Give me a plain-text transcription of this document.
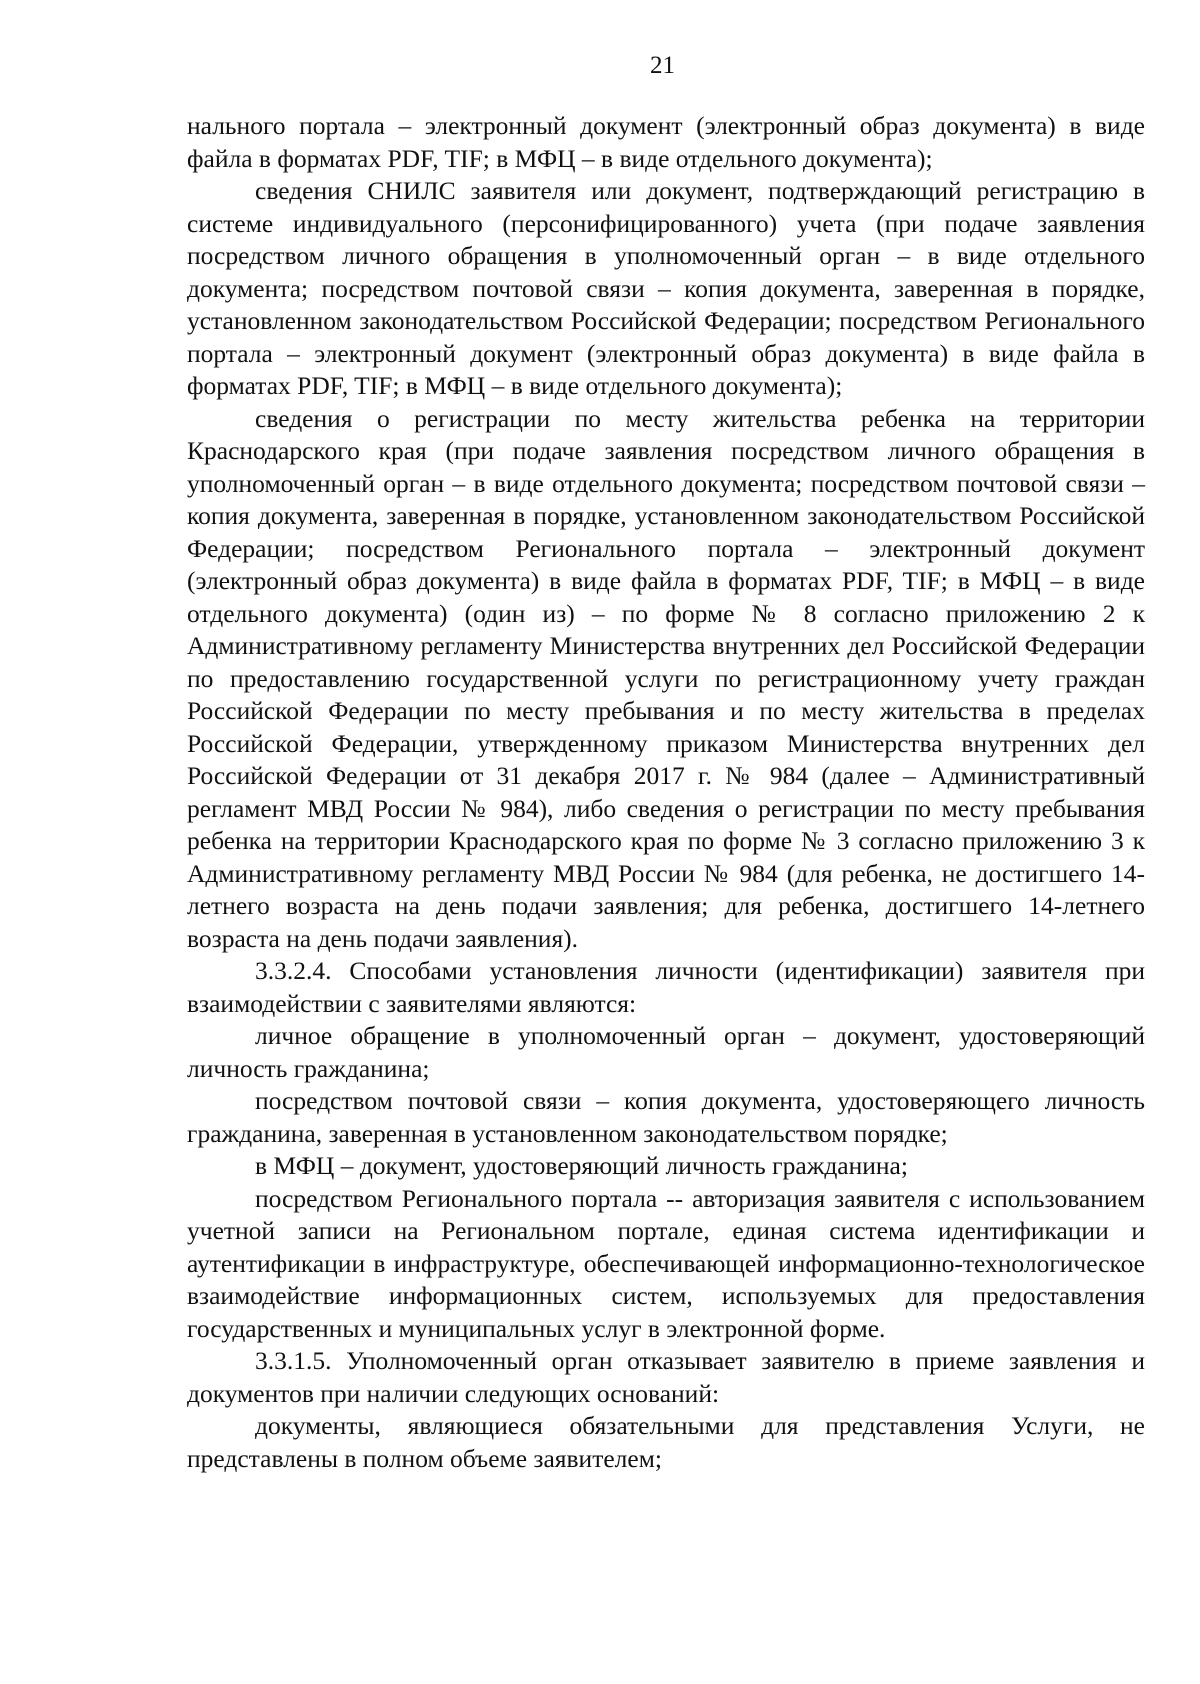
21

нального портала – электронный документ (электронный образ документа) в виде файла в форматах PDF, TIF; в МФЦ – в виде отдельного документа);

сведения СНИЛС заявителя или документ, подтверждающий регистрацию в системе индивидуального (персонифицированного) учета (при подаче заявления посредством личного обращения в уполномоченный орган – в виде отдельного документа; посредством почтовой связи – копия документа, заверенная в порядке, установленном законодательством Российской Федерации; посредством Регионального портала – электронный документ (электронный образ документа) в виде файла в форматах PDF, TIF; в МФЦ – в виде отдельного документа);

сведения о регистрации по месту жительства ребенка на территории Краснодарского края (при подаче заявления посредством личного обращения в уполномоченный орган – в виде отдельного документа; посредством почтовой связи – копия документа, заверенная в порядке, установленном законодательством Российской Федерации; посредством Регионального портала – электронный документ (электронный образ документа) в виде файла в форматах PDF, TIF; в МФЦ – в виде отдельного документа) (один из) – по форме № 8 согласно приложению 2 к Административному регламенту Министерства внутренних дел Российской Федерации по предоставлению государственной услуги по регистрационному учету граждан Российской Федерации по месту пребывания и по месту жительства в пределах Российской Федерации, утвержденному приказом Министерства внутренних дел Российской Федерации от 31 декабря 2017 г. № 984 (далее – Административный регламент МВД России № 984), либо сведения о регистрации по месту пребывания ребенка на территории Краснодарского края по форме № 3 согласно приложению 3 к Административному регламенту МВД России № 984 (для ребенка, не достигшего 14-летнего возраста на день подачи заявления; для ребенка, достигшего 14-летнего возраста на день подачи заявления).

3.3.2.4. Способами установления личности (идентификации) заявителя при взаимодействии с заявителями являются:

личное обращение в уполномоченный орган – документ, удостоверяющий личность гражданина;

посредством почтовой связи – копия документа, удостоверяющего личность гражданина, заверенная в установленном законодательством порядке;

в МФЦ – документ, удостоверяющий личность гражданина;

посредством Регионального портала -- авторизация заявителя с использованием учетной записи на Региональном портале, единая система идентификации и аутентификации в инфраструктуре, обеспечивающей информационно-технологическое взаимодействие информационных систем, используемых для предоставления государственных и муниципальных услуг в электронной форме.

3.3.1.5. Уполномоченный орган отказывает заявителю в приеме заявления и документов при наличии следующих оснований:

документы, являющиеся обязательными для представления Услуги, не представлены в полном объеме заявителем;
